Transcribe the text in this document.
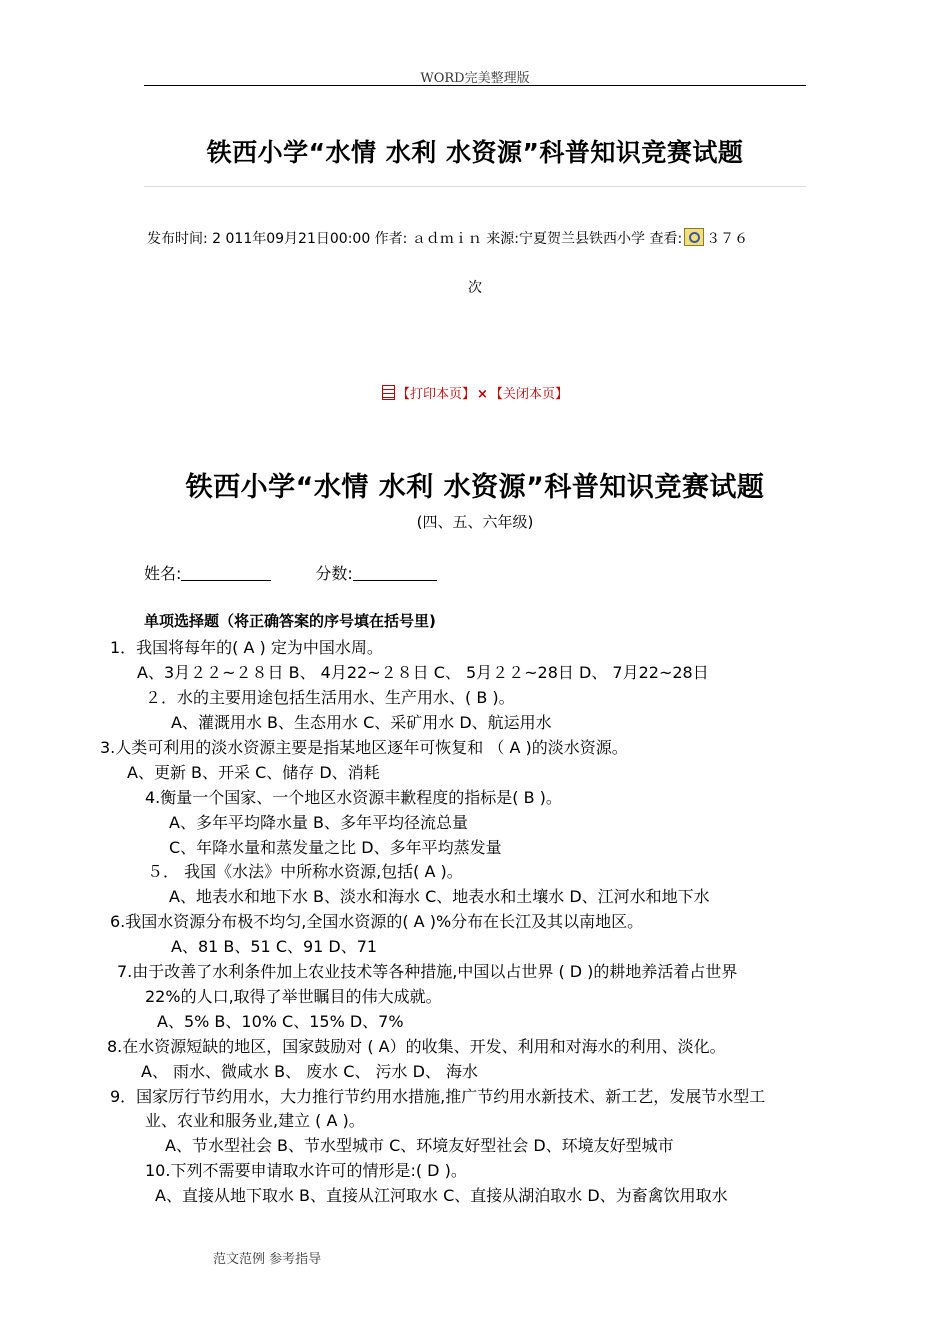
WORD完美整理版
铁西小学“水情 水利 水资源”科普知识竞赛试题
发布时间: 2 011年09月21日00:00 作者: ａｄｍｉｎ 来源:宁夏贺兰县铁西小学 查看: ３７６
次
【打印本页】 × 【关闭本页】
铁西小学“水情 水利 水资源”科普知识竞赛试题
(四、五、六年级)
姓名:	分数:
单项选择题（将正确答案的序号填在括号里)
1．我国将每年的( A ) 定为中国水周。
A、3月２２~２８日 B、 4月22~２８日 C、 5月２２~28日 D、 7月22~28日
２．水的主要用途包括生活用水、生产用水、( B )。
A、灌溉用水 B、生态用水 C、采矿用水 D、航运用水
3.人类可利用的淡水资源主要是指某地区逐年可恢复和 （ A )的淡水资源。
A、更新 B、开采 C、储存 D、消耗
4.衡量一个国家、一个地区水资源丰歉程度的指标是( B )。
A、多年平均降水量 B、多年平均径流总量
C、年降水量和蒸发量之比 D、多年平均蒸发量
５． 我国《水法》中所称水资源,包括( A )。
A、地表水和地下水 B、淡水和海水 C、地表水和土壤水 D、江河水和地下水
6.我国水资源分布极不均匀,全国水资源的( A )%分布在长江及其以南地区。
A、81 B、51 C、91 D、71
7.由于改善了水利条件加上农业技术等各种措施,中国以占世界 ( D )的耕地养活着占世界
22%的人口,取得了举世瞩目的伟大成就。
A、5% B、10% C、15% D、7%
8.在水资源短缺的地区，国家鼓励对 ( A）的收集、开发、利用和对海水的利用、淡化。
A、 雨水、微咸水 B、 废水 C、 污水 D、 海水
9．国家厉行节约用水，大力推行节约用水措施,推广节约用水新技术、新工艺，发展节水型工
业、农业和服务业,建立 ( A )。
A、节水型社会 B、节水型城市 C、环境友好型社会 D、环境友好型城市
10.下列不需要申请取水许可的情形是:( D )。
A、直接从地下取水 B、直接从江河取水 C、直接从湖泊取水 D、为畜禽饮用取水
范文范例 参考指导
